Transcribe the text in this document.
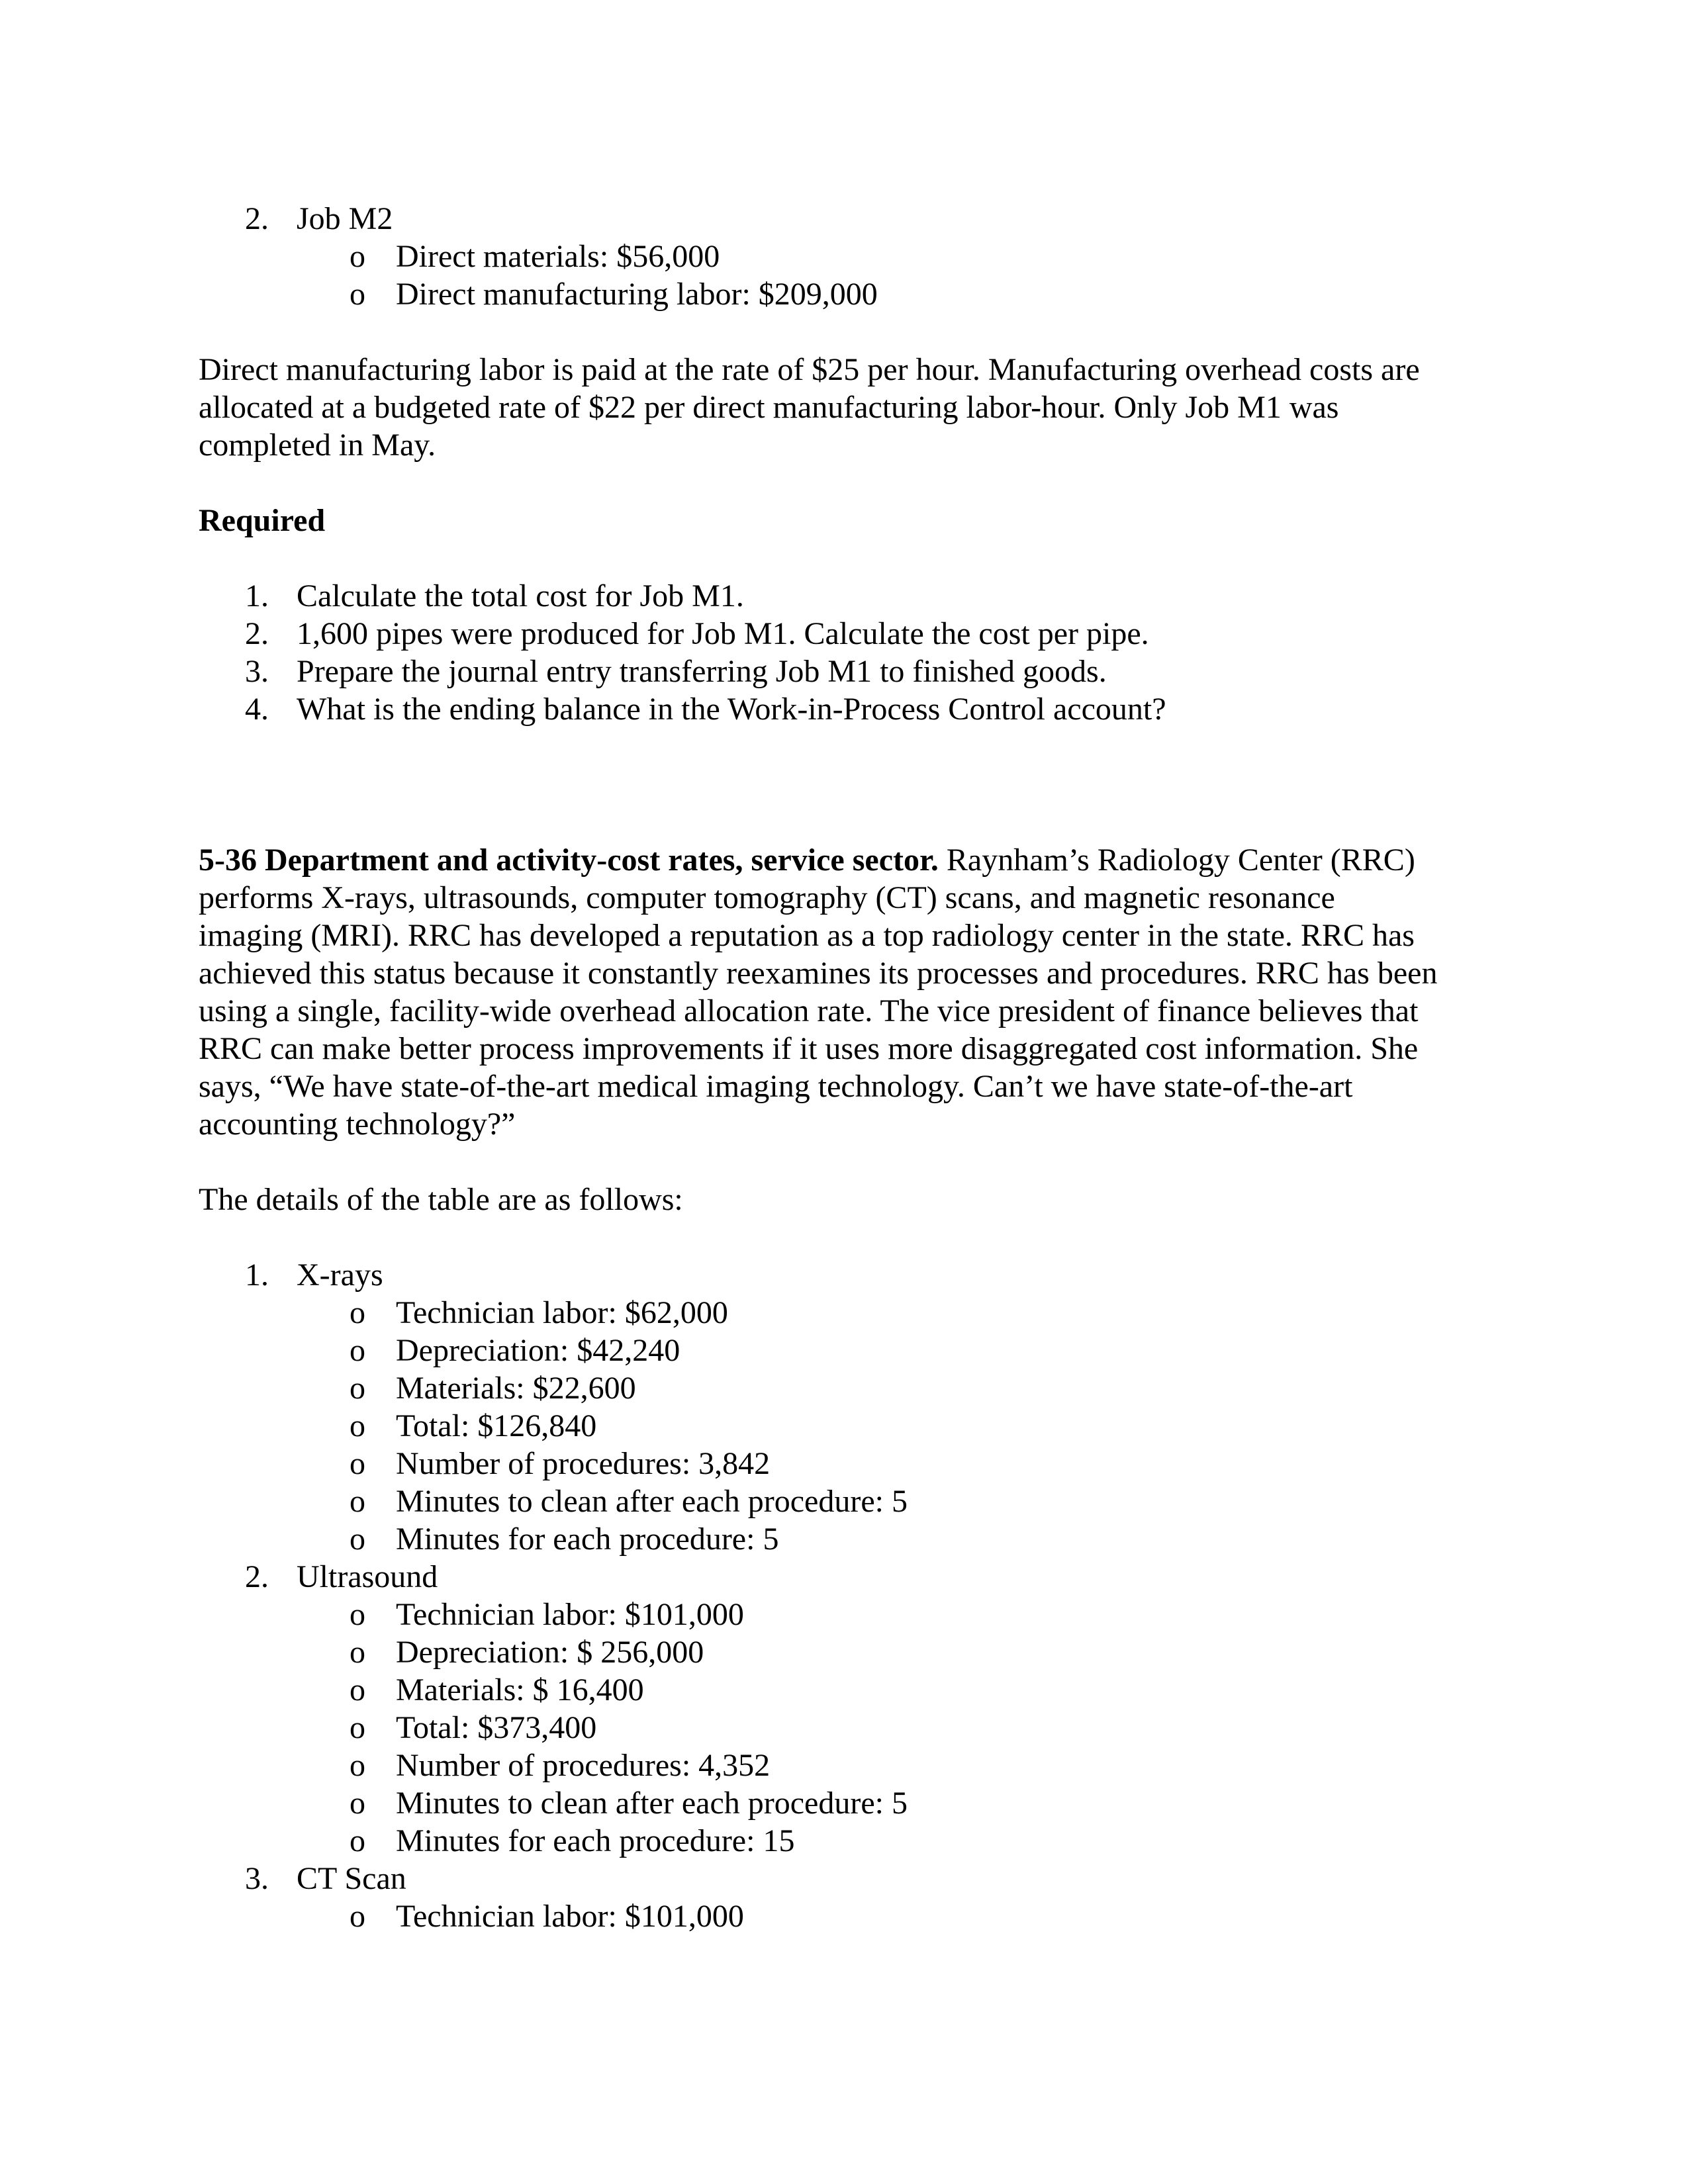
2. Job M2
o Direct materials: $56,000
o Direct manufacturing labor: $209,000
Direct manufacturing labor is paid at the rate of $25 per hour. Manufacturing overhead costs are
allocated at a budgeted rate of $22 per direct manufacturing labor-hour. Only Job M1 was
completed in May.
Required
1. Calculate the total cost for Job M1.
2. 1,600 pipes were produced for Job M1. Calculate the cost per pipe.
3. Prepare the journal entry transferring Job M1 to finished goods.
4. What is the ending balance in the Work-in-Process Control account?
5-36 Department and activity-cost rates, service sector. Raynham’s Radiology Center (RRC)
performs X-rays, ultrasounds, computer tomography (CT) scans, and magnetic resonance
imaging (MRI). RRC has developed a reputation as a top radiology center in the state. RRC has
achieved this status because it constantly reexamines its processes and procedures. RRC has been
using a single, facility-wide overhead allocation rate. The vice president of finance believes that
RRC can make better process improvements if it uses more disaggregated cost information. She
says, “We have state-of-the-art medical imaging technology. Can’t we have state-of-the-art
accounting technology?”
The details of the table are as follows:
1. X-rays
o Technician labor: $62,000
o Depreciation: $42,240
o Materials: $22,600
o Total: $126,840
o Number of procedures: 3,842
o Minutes to clean after each procedure: 5
o Minutes for each procedure: 5
2. Ultrasound
o Technician labor: $101,000
o Depreciation: $ 256,000
o Materials: $ 16,400
o Total: $373,400
o Number of procedures: 4,352
o Minutes to clean after each procedure: 5
o Minutes for each procedure: 15
3. CT Scan
o Technician labor: $101,000
